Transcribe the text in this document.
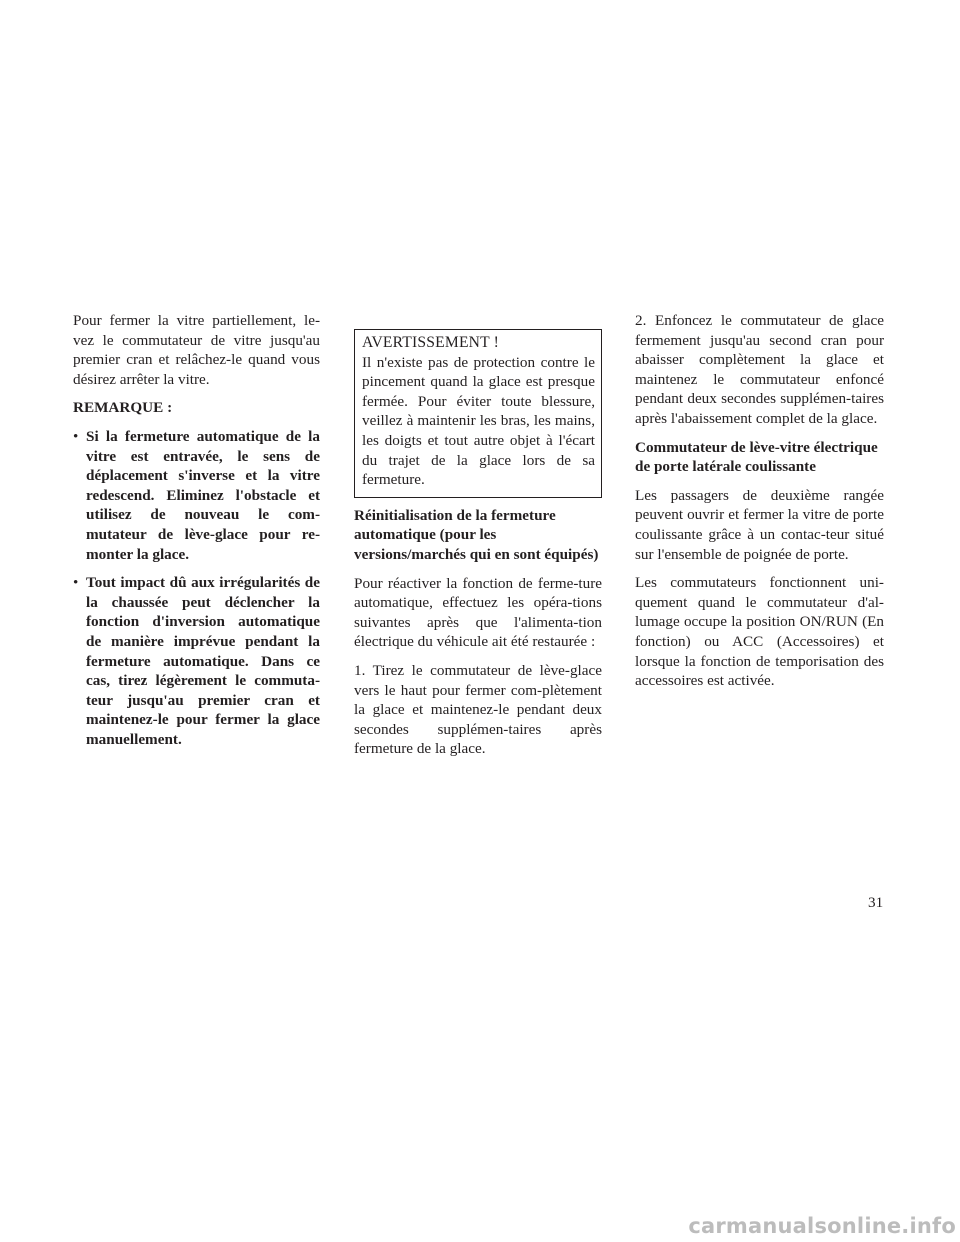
Pour fermer la vitre partiellement, le-vez le commutateur de vitre jusqu'au premier cran et relâchez-le quand vous désirez arrêter la vitre.

REMARQUE :

• Si la fermeture automatique de la vitre est entravée, le sens de déplacement s'inverse et la vitre redescend. Eliminez l'obstacle et utilisez de nouveau le com-mutateur de lève-glace pour re-monter la glace.
• Tout impact dû aux irrégularités de la chaussée peut déclencher la fonction d'inversion automatique de manière imprévue pendant la fermeture automatique. Dans ce cas, tirez légèrement le commuta-teur jusqu'au premier cran et maintenez-le pour fermer la glace manuellement.

AVERTISSEMENT !

Il n'existe pas de protection contre le pincement quand la glace est presque fermée. Pour éviter toute blessure, veillez à maintenir les bras, les mains, les doigts et tout autre objet à l'écart du trajet de la glace lors de sa fermeture.

Réinitialisation de la fermeture automatique (pour les versions/marchés qui en sont équipés)

Pour réactiver la fonction de ferme-ture automatique, effectuez les opéra-tions suivantes après que l'alimenta-tion électrique du véhicule ait été restaurée :

1. Tirez le commutateur de lève-glace vers le haut pour fermer com-plètement la glace et maintenez-le pendant deux secondes supplémen-taires après fermeture de la glace.

2. Enfoncez le commutateur de glace fermement jusqu'au second cran pour abaisser complètement la glace et maintenez le commutateur enfoncé pendant deux secondes supplémen-taires après l'abaissement complet de la glace.

Commutateur de lève-vitre électrique de porte latérale coulissante

Les passagers de deuxième rangée peuvent ouvrir et fermer la vitre de porte coulissante grâce à un contac-teur situé sur l'ensemble de poignée de porte.

Les commutateurs fonctionnent uni-quement quand le commutateur d'al-lumage occupe la position ON/RUN (En fonction) ou ACC (Accessoires) et lorsque la fonction de temporisation des accessoires est activée.

31
carmanualsonline.info
